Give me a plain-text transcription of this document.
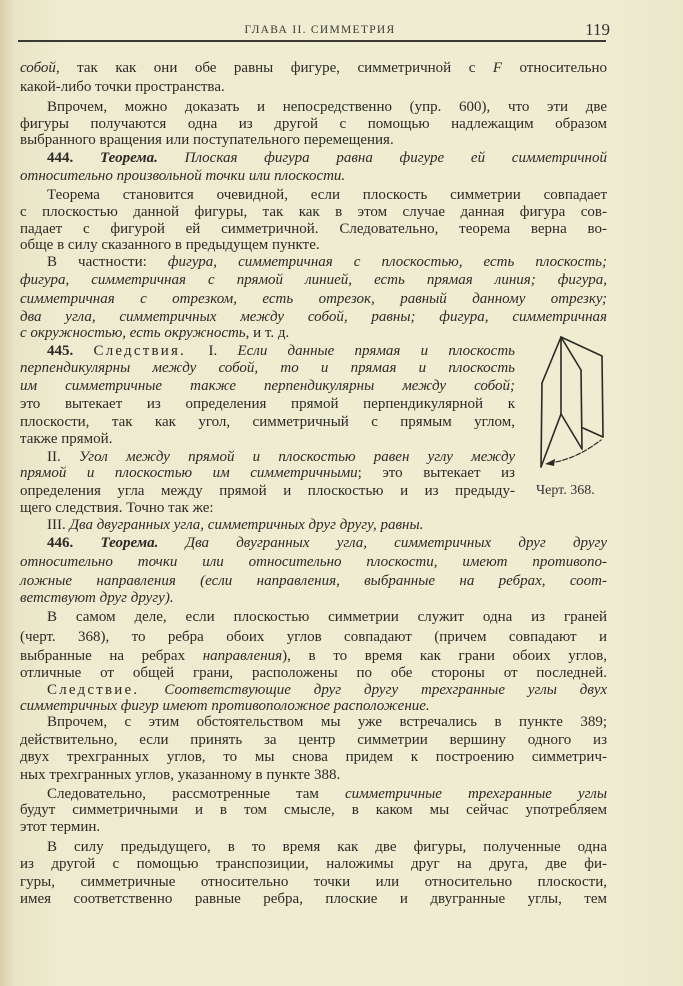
ГЛАВА II. СИММЕТРИЯ	119
собой, так как они обе равны фигуре, симметричной с F относительно
какой-либо точки пространства.
Впрочем, можно доказать и непосредственно (упр. 600), что эти две
фигуры получаются одна из другой с помощью надлежащим образом
выбранного вращения или поступательного перемещения.
444. Теорема. Плоская фигура равна фигуре ей симметричной
относительно произвольной точки или плоскости.
Теорема становится очевидной, если плоскость симметрии совпадает
с плоскостью данной фигуры, так как в этом случае данная фигура сов-
падает с фигурой ей симметричной. Следовательно, теорема верна во-
обще в силу сказанного в предыдущем пункте.
В частности: фигура, симметричная с плоскостью, есть плоскость;
фигура, симметричная с прямой линией, есть прямая линия; фигура,
симметричная с отрезком, есть отрезок, равный данному отрезку;
два угла, симметричных между собой, равны; фигура, симметричная
с окружностью, есть окружность, и т. д.
445. Следствия. I. Если данные прямая и плоскость
перпендикулярны между собой, то и прямая и плоскость
им симметричные также перпендикулярны между собой;
это вытекает из определения прямой перпендикулярной к
плоскости, так как угол, симметричный с прямым углом,
также прямой.
II. Угол между прямой и плоскостью равен углу между
прямой и плоскостью им симметричными; это вытекает из
определения угла между прямой и плоскостью и из предыду-
щего следствия. Точно так же:
III. Два двугранных угла, симметричных друг другу, равны.
446. Теорема. Два двугранных угла, симметричных друг другу
относительно точки или относительно плоскости, имеют противопо-
ложные направления (если направления, выбранные на ребрах, соот-
ветствуют друг другу).
В самом деле, если плоскостью симметрии служит одна из граней
(черт. 368), то ребра обоих углов совпадают (причем совпадают и
выбранные на ребрах направления), в то время как грани обоих углов,
отличные от общей грани, расположены по обе стороны от последней.
Следствие. Соответствующие друг другу трехгранные углы двух
симметричных фигур имеют противоположное расположение.
Впрочем, с этим обстоятельством мы уже встречались в пункте 389;
действительно, если принять за центр симметрии вершину одного из
двух трехгранных углов, то мы снова придем к построению симметрич-
ных трехгранных углов, указанному в пункте 388.
Следовательно, рассмотренные там симметричные трехгранные углы
будут симметричными и в том смысле, в каком мы сейчас употребляем
этот термин.
В силу предыдущего, в то время как две фигуры, полученные одна
из другой с помощью транспозиции, наложимы друг на друга, две фи-
гуры, симметричные относительно точки или относительно плоскости,
имея соответственно равные ребра, плоские и двугранные углы, тем
Черт. 368.
